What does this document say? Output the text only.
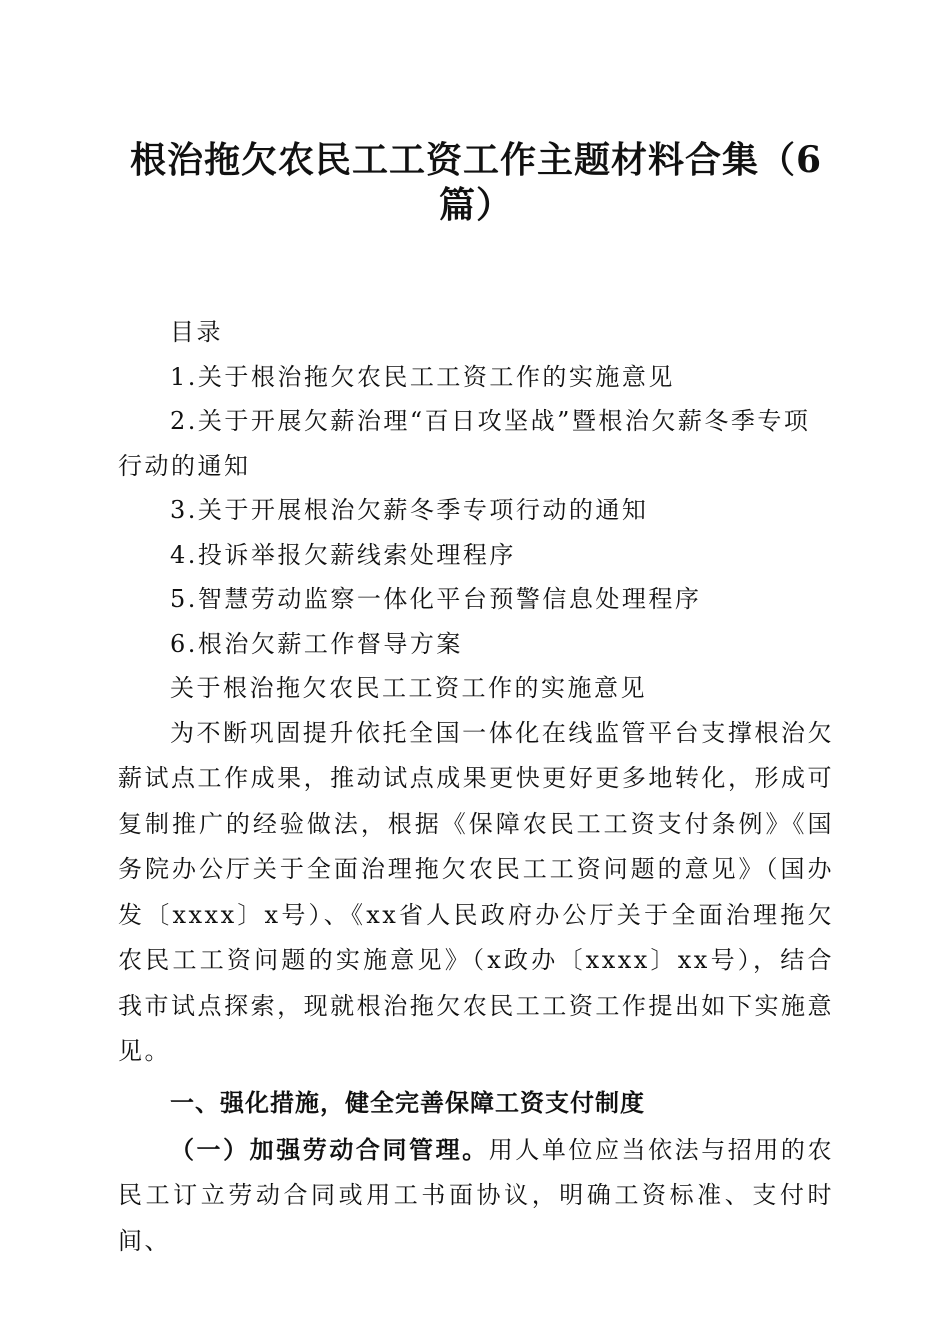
根治拖欠农民工工资工作主题材料合集（6篇）

目录

1.关于根治拖欠农民工工资工作的实施意见

2.关于开展欠薪治理“百日攻坚战”暨根治欠薪冬季专项行动的通知

3.关于开展根治欠薪冬季专项行动的通知

4.投诉举报欠薪线索处理程序

5.智慧劳动监察一体化平台预警信息处理程序

6.根治欠薪工作督导方案

关于根治拖欠农民工工资工作的实施意见

为不断巩固提升依托全国一体化在线监管平台支撑根治欠薪试点工作成果，推动试点成果更快更好更多地转化，形成可复制推广的经验做法，根据《保障农民工工资支付条例》《国务院办公厅关于全面治理拖欠农民工工资问题的意见》（国办发〔xxxx〕x号）、《xx省人民政府办公厅关于全面治理拖欠农民工工资问题的实施意见》（x政办〔xxxx〕xx号），结合我市试点探索，现就根治拖欠农民工工资工作提出如下实施意见。

一、强化措施，健全完善保障工资支付制度

（一）加强劳动合同管理。用人单位应当依法与招用的农民工订立劳动合同或用工书面协议，明确工资标准、支付时间、
